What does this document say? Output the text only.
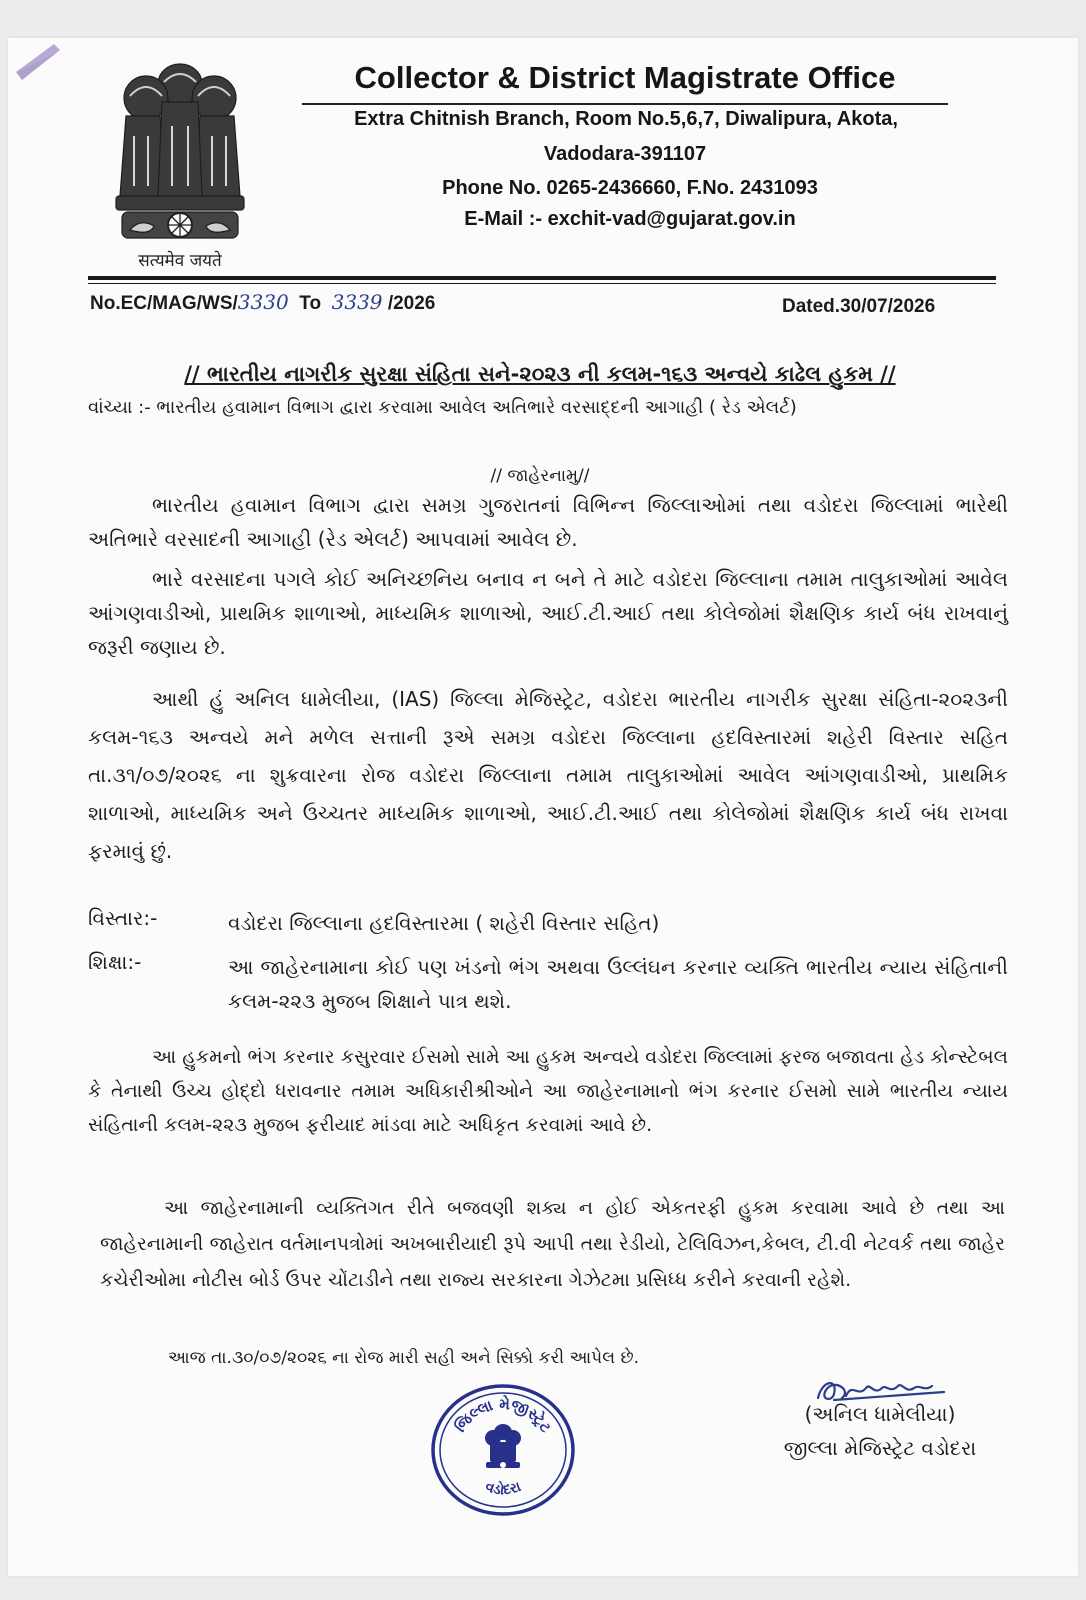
सत्यमेव जयते
Collector & District Magistrate Office
Extra Chitnish Branch, Room No.5,6,7, Diwalipura, Akota,
Vadodara-391107
Phone No. 0265-2436660, F.No. 2431093
E-Mail :- exchit-vad@gujarat.gov.in
No.EC/MAG/WS/3330 To 3339 /2026	Dated.30/07/2026
// ભારતીય નાગરીક સુરક્ષા સંહિતા સને-૨૦૨૩ ની કલમ-૧૬૩ અન્વયે કાઢેલ હુકમ //
વાંચ્યા :- ભારતીય હવામાન વિભાગ દ્વારા કરવામા આવેલ અતિભારે વરસાદ્દની આગાહી ( રેડ એલર્ટ)
// જાહેરનામુ//
ભારતીય હવામાન વિભાગ દ્વારા સમગ્ર ગુજરાતનાં વિભિન્ન જિલ્લાઓમાં તથા વડોદરા જિલ્લામાં ભારેથી અતિભારે વરસાદની આગાહી (રેડ એલર્ટ) આપવામાં આવેલ છે.
ભારે વરસાદના પગલે કોઈ અનિચ્છનિય બનાવ ન બને તે માટે વડોદરા જિલ્લાના તમામ તાલુકાઓમાં આવેલ આંગણવાડીઓ, પ્રાથમિક શાળાઓ, માધ્યમિક શાળાઓ, આઈ.ટી.આઈ તથા કોલેજોમાં શૈક્ષણિક કાર્ય બંધ રાખવાનું જરૂરી જણાય છે.
આથી હું અનિલ ધામેલીયા, (IAS) જિલ્લા મેજિસ્ટ્રેટ, વડોદરા ભારતીય નાગરીક સુરક્ષા સંહિતા-૨૦૨૩ની કલમ-૧૬૩ અન્વયે મને મળેલ સત્તાની રૂએ સમગ્ર વડોદરા જિલ્લાના હદવિસ્તારમાં શહેરી વિસ્તાર સહિત તા.૩૧/૦૭/૨૦૨૬ ના શુક્રવારના રોજ વડોદરા જિલ્લાના તમામ તાલુકાઓમાં આવેલ આંગણવાડીઓ, પ્રાથમિક શાળાઓ, માધ્યમિક અને ઉચ્ચતર માધ્યમિક શાળાઓ, આઈ.ટી.આઈ તથા કોલેજોમાં શૈક્ષણિક કાર્ય બંધ રાખવા ફરમાવું છું.
વિસ્તાર:-	વડોદરા જિલ્લાના હદવિસ્તારમા ( શહેરી વિસ્તાર સહિત)
શિક્ષા:-	આ જાહેરનામાના કોઈ પણ ખંડનો ભંગ અથવા ઉલ્લંઘન કરનાર વ્યક્તિ ભારતીય ન્યાય સંહિતાની કલમ-૨૨૩ મુજબ શિક્ષાને પાત્ર થશે.
આ હુકમનો ભંગ કરનાર કસુરવાર ઈસમો સામે આ હુકમ અન્વયે વડોદરા જિલ્લામાં ફરજ બજાવતા હેડ કોન્સ્ટેબલ કે તેનાથી ઉચ્ચ હોદ્દો ધરાવનાર તમામ અધિકારીશ્રીઓને આ જાહેરનામાનો ભંગ કરનાર ઈસમો સામે ભારતીય ન્યાય સંહિતાની કલમ-૨૨૩ મુજબ ફરીયાદ માંડવા માટે અધિકૃત કરવામાં આવે છે.
આ જાહેરનામાની વ્યક્તિગત રીતે બજવણી શક્ય ન હોઈ એકતરફી હુકમ કરવામા આવે છે તથા આ જાહેરનામાની જાહેરાત વર્તમાનપત્રોમાં અખબારીયાદી રૂપે આપી તથા રેડીયો, ટેલિવિઝન,કેબલ, ટી.વી નેટવર્ક તથા જાહેર કચેરીઓમા નોટીસ બોર્ડ ઉપર ચોંટાડીને તથા રાજ્ય સરકારના ગેઝેટમા પ્રસિધ્ધ કરીને કરવાની રહેશે.
આજ તા.૩૦/૦૭/૨૦૨૬ ના રોજ મારી સહી અને સિક્કો કરી આપેલ છે.
જિલ્લા મેજીસ્ટ્રેટ
વડોદરા
(અનિલ ધામેલીયા)
જીલ્લા મેજિસ્ટ્રેટ વડોદરા
